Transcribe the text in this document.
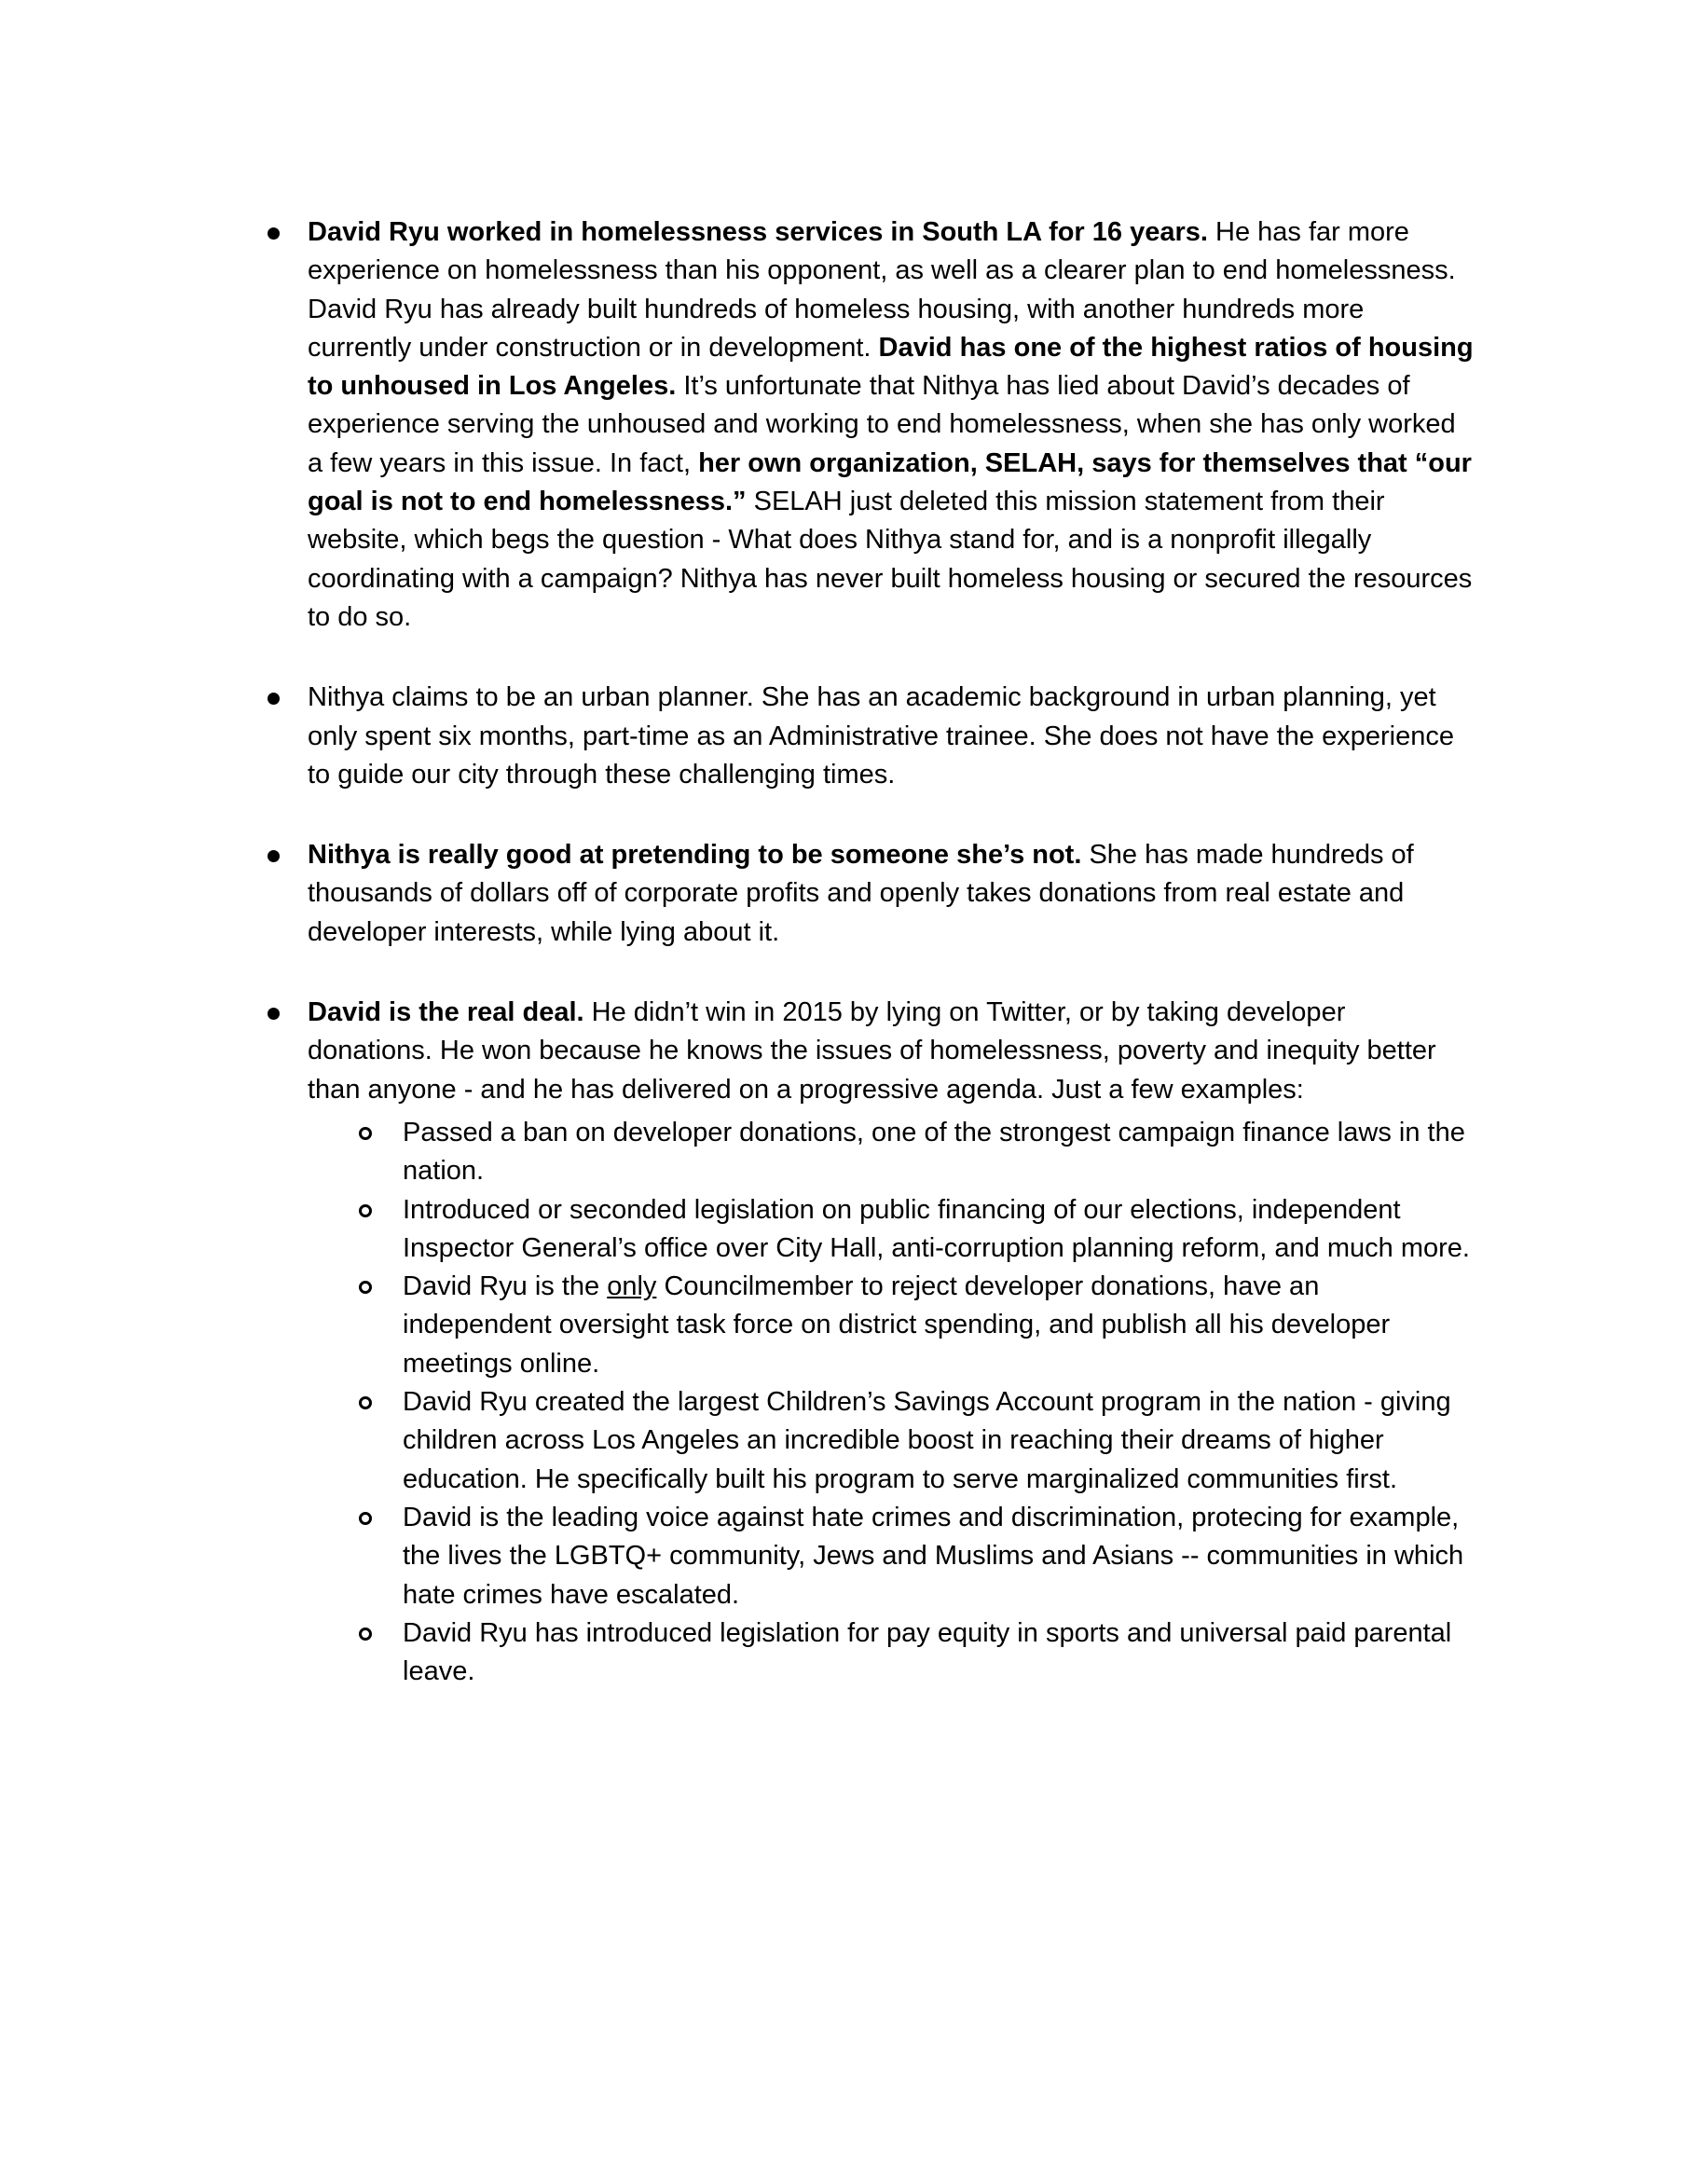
David Ryu worked in homelessness services in South LA for 16 years. He has far more experience on homelessness than his opponent, as well as a clearer plan to end homelessness. David Ryu has already built hundreds of homeless housing, with another hundreds more currently under construction or in development. David has one of the highest ratios of housing to unhoused in Los Angeles. It’s unfortunate that Nithya has lied about David’s decades of experience serving the unhoused and working to end homelessness, when she has only worked a few years in this issue. In fact, her own organization, SELAH, says for themselves that “our goal is not to end homelessness.” SELAH just deleted this mission statement from their website, which begs the question - What does Nithya stand for, and is a nonprofit illegally coordinating with a campaign? Nithya has never built homeless housing or secured the resources to do so.
Nithya claims to be an urban planner. She has an academic background in urban planning, yet only spent six months, part-time as an Administrative trainee. She does not have the experience to guide our city through these challenging times.
Nithya is really good at pretending to be someone she’s not. She has made hundreds of thousands of dollars off of corporate profits and openly takes donations from real estate and developer interests, while lying about it.
David is the real deal. He didn’t win in 2015 by lying on Twitter, or by taking developer donations. He won because he knows the issues of homelessness, poverty and inequity better than anyone - and he has delivered on a progressive agenda. Just a few examples:
Passed a ban on developer donations, one of the strongest campaign finance laws in the nation.
Introduced or seconded legislation on public financing of our elections, independent Inspector General’s office over City Hall, anti-corruption planning reform, and much more.
David Ryu is the only Councilmember to reject developer donations, have an independent oversight task force on district spending, and publish all his developer meetings online.
David Ryu created the largest Children’s Savings Account program in the nation - giving children across Los Angeles an incredible boost in reaching their dreams of higher education. He specifically built his program to serve marginalized communities first.
David is the leading voice against hate crimes and discrimination, protecing for example, the lives the LGBTQ+ community, Jews and Muslims and Asians -- communities in which hate crimes have escalated.
David Ryu has introduced legislation for pay equity in sports and universal paid parental leave.
